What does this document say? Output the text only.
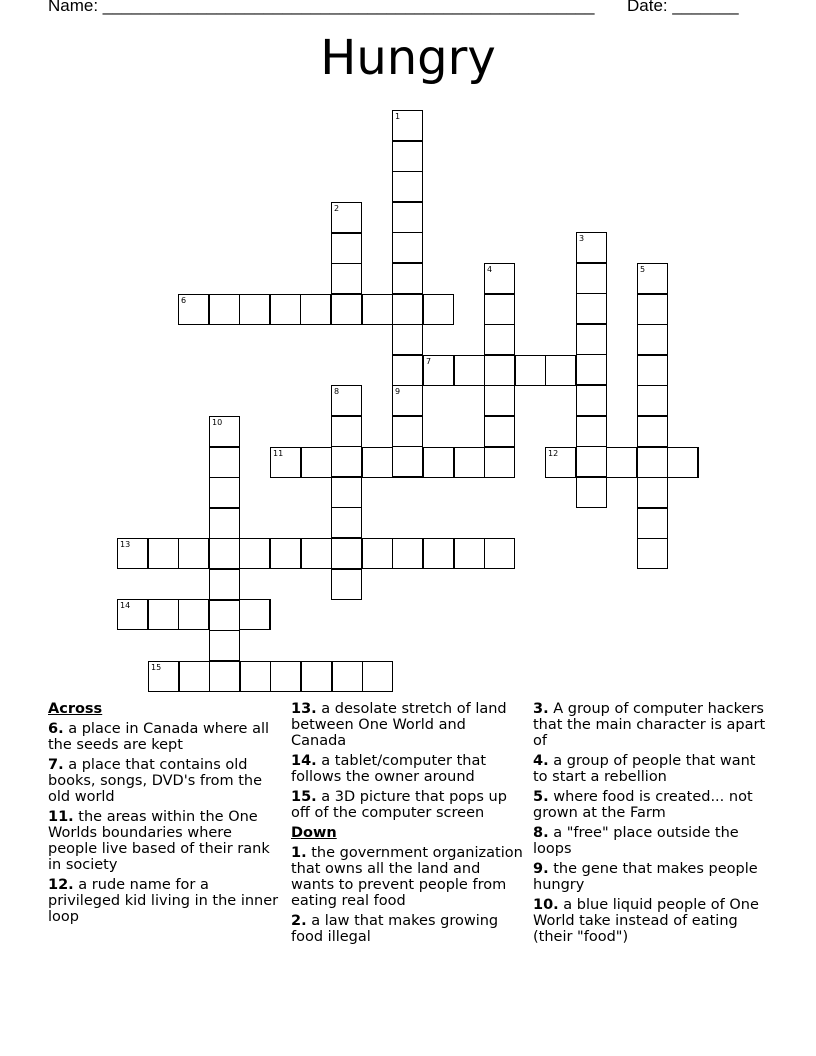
Name: ____________________________________________________ Date: _______
Hungry
1
2
3
4	5
6
7
8	9
10
11	12
13
14
15
Across
6. a place in Canada where all the seeds are kept
7. a place that contains old books, songs, DVD's from the old world
11. the areas within the One Worlds boundaries where people live based of their rank in society
12. a rude name for a privileged kid living in the inner loop
13. a desolate stretch of land between One World and Canada
14. a tablet/computer that follows the owner around
15. a 3D picture that pops up off of the computer screen
Down
1. the government organization that owns all the land and wants to prevent people from eating real food
2. a law that makes growing food illegal
3. A group of computer hackers that the main character is apart of
4. a group of people that want to start a rebellion
5. where food is created... not grown at the Farm
8. a "free" place outside the loops
9. the gene that makes people hungry
10. a blue liquid people of One World take instead of eating (their "food")
